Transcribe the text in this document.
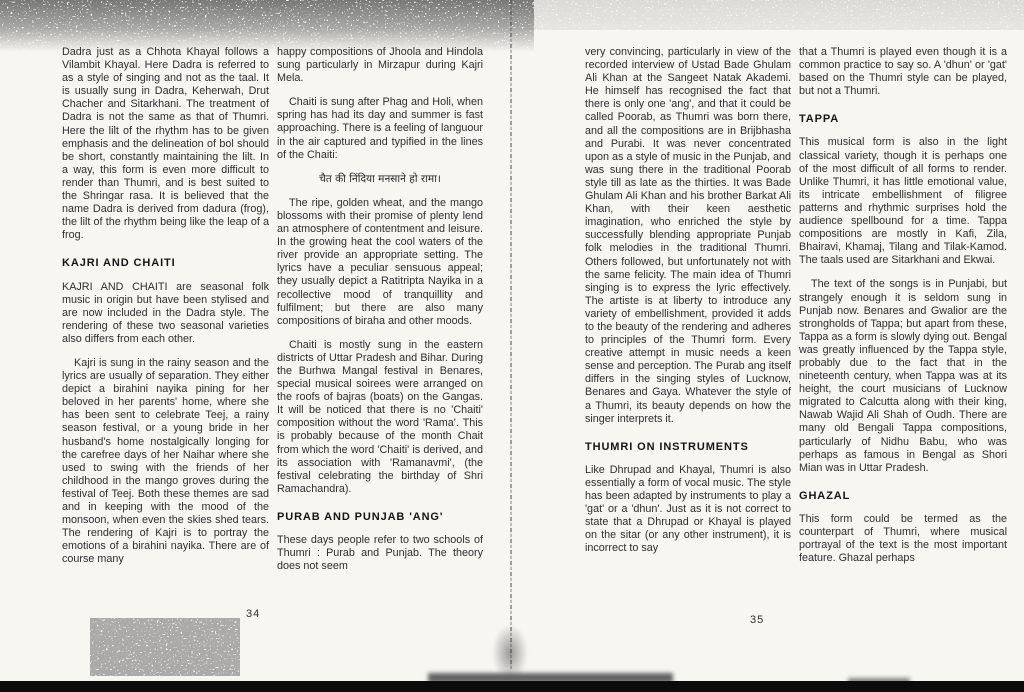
Dadra just as a Chhota Khayal follows a Vilambit Khayal. Here Dadra is referred to as a style of singing and not as the taal. It is usually sung in Dadra, Keherwah, Drut Chacher and Sitarkhani. The treatment of Dadra is not the same as that of Thumri. Here the lilt of the rhythm has to be given emphasis and the delineation of bol should be short, constantly maintaining the lilt. In a way, this form is even more difficult to render than Thumri, and is best suited to the Shringar rasa. It is believed that the name Dadra is derived from dadura (frog), the lilt of the rhythm being like the leap of a frog.

KAJRI AND CHAITI

KAJRI AND CHAITI are seasonal folk music in origin but have been stylised and are now included in the Dadra style. The rendering of these two seasonal varieties also differs from each other.

Kajri is sung in the rainy season and the lyrics are usually of separation. They either depict a birahini nayika pining for her beloved in her parents' home, where she has been sent to celebrate Teej, a rainy season festival, or a young bride in her husband's home nostalgically longing for the carefree days of her Naihar where she used to swing with the friends of her childhood in the mango groves during the festival of Teej. Both these themes are sad and in keeping with the mood of the monsoon, when even the skies shed tears. The rendering of Kajri is to portray the emotions of a birahini nayika. There are of course many

happy compositions of Jhoola and Hindola sung particularly in Mirzapur during Kajri Mela.

Chaiti is sung after Phag and Holi, when spring has had its day and summer is fast approaching. There is a feeling of languour in the air captured and typified in the lines of the Chaiti:

चैत की निंदिया मनसाने हो रामा।

The ripe, golden wheat, and the mango blossoms with their promise of plenty lend an atmosphere of contentment and leisure. In the growing heat the cool waters of the river provide an appropriate setting. The lyrics have a peculiar sensuous appeal; they usually depict a Ratitripta Nayika in a recollective mood of tranquillity and fulfilment; but there are also many compositions of biraha and other moods.

Chaiti is mostly sung in the eastern districts of Uttar Pradesh and Bihar. During the Burhwa Mangal festival in Benares, special musical soirees were arranged on the roofs of bajras (boats) on the Gangas. It will be noticed that there is no 'Chaiti' composition without the word 'Rama'. This is probably because of the month Chait from which the word 'Chaiti' is derived, and its association with 'Ramanavmi', (the festival celebrating the birthday of Shri Ramachandra).

PURAB AND PUNJAB 'ANG'

These days people refer to two schools of Thumri : Purab and Punjab. The theory does not seem

34

very convincing, particularly in view of the recorded interview of Ustad Bade Ghulam Ali Khan at the Sangeet Natak Akademi. He himself has recognised the fact that there is only one 'ang', and that it could be called Poorab, as Thumri was born there, and all the compositions are in Brijbhasha and Purabi. It was never concentrated upon as a style of music in the Punjab, and was sung there in the traditional Poorab style till as late as the thirties. It was Bade Ghulam Ali Khan and his brother Barkat Ali Khan, with their keen aesthetic imagination, who enriched the style by successfully blending appropriate Punjab folk melodies in the traditional Thumri. Others followed, but unfortunately not with the same felicity. The main idea of Thumri singing is to express the lyric effectively. The artiste is at liberty to introduce any variety of embellishment, provided it adds to the beauty of the rendering and adheres to principles of the Thumri form. Every creative attempt in music needs a keen sense and perception. The Purab ang itself differs in the singing styles of Lucknow, Benares and Gaya. Whatever the style of a Thumri, its beauty depends on how the singer interprets it.

THUMRI ON INSTRUMENTS

Like Dhrupad and Khayal, Thumri is also essentially a form of vocal music. The style has been adapted by instruments to play a 'gat' or a 'dhun'. Just as it is not correct to state that a Dhrupad or Khayal is played on the sitar (or any other instrument), it is incorrect to say

that a Thumri is played even though it is a common practice to say so. A 'dhun' or 'gat' based on the Thumri style can be played, but not a Thumri.

TAPPA

This musical form is also in the light classical variety, though it is perhaps one of the most difficult of all forms to render. Unlike Thumri, it has little emotional value, its intricate embellishment of filigree patterns and rhythmic surprises hold the audience spellbound for a time. Tappa compositions are mostly in Kafi, Zila, Bhairavi, Khamaj, Tilang and Tilak-Kamod. The taals used are Sitarkhani and Ekwai.

The text of the songs is in Punjabi, but strangely enough it is seldom sung in Punjab now. Benares and Gwalior are the strongholds of Tappa; but apart from these, Tappa as a form is slowly dying out. Bengal was greatly influenced by the Tappa style, probably due to the fact that in the nineteenth century, when Tappa was at its height, the court musicians of Lucknow migrated to Calcutta along with their king, Nawab Wajid Ali Shah of Oudh. There are many old Bengali Tappa compositions, particularly of Nidhu Babu, who was perhaps as famous in Bengal as Shori Mian was in Uttar Pradesh.

GHAZAL

This form could be termed as the counterpart of Thumri, where musical portrayal of the text is the most important feature. Ghazal perhaps

35
